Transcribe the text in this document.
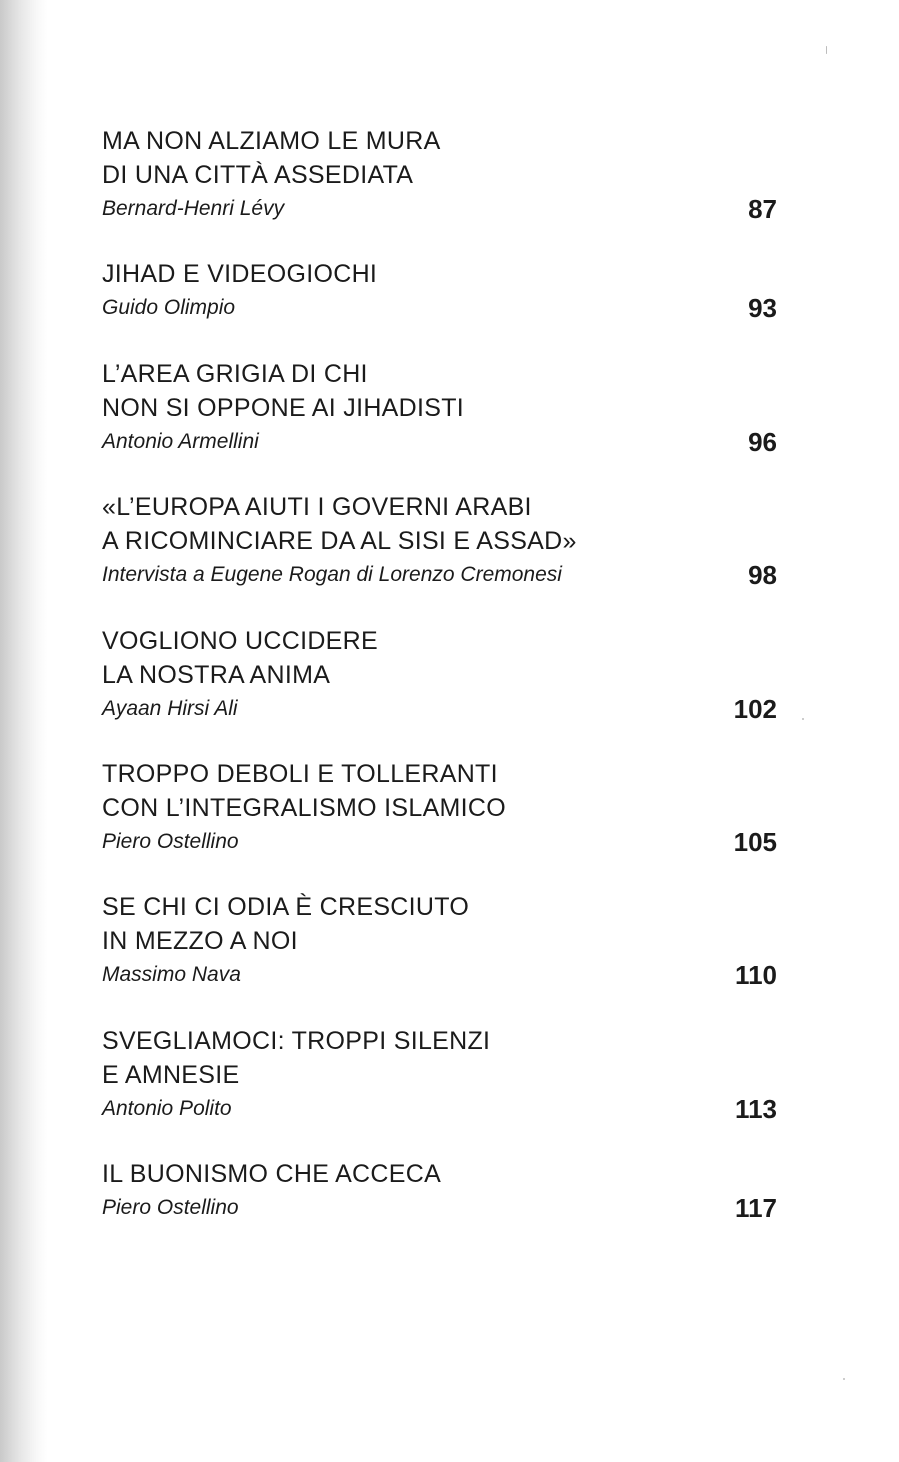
MA NON ALZIAMO LE MURA
DI UNA CITTÀ ASSEDIATA
Bernard-Henri Lévy	87
JIHAD E VIDEOGIOCHI
Guido Olimpio	93
L’AREA GRIGIA DI CHI
NON SI OPPONE AI JIHADISTI
Antonio Armellini	96
«L’EUROPA AIUTI I GOVERNI ARABI
A RICOMINCIARE DA AL SISI E ASSAD»
Intervista a Eugene Rogan di Lorenzo Cremonesi	98
VOGLIONO UCCIDERE
LA NOSTRA ANIMA
Ayaan Hirsi Ali	102
TROPPO DEBOLI E TOLLERANTI
CON L’INTEGRALISMO ISLAMICO
Piero Ostellino	105
SE CHI CI ODIA È CRESCIUTO
IN MEZZO A NOI
Massimo Nava	110
SVEGLIAMOCI: TROPPI SILENZI
E AMNESIE
Antonio Polito	113
IL BUONISMO CHE ACCECA
Piero Ostellino	117
